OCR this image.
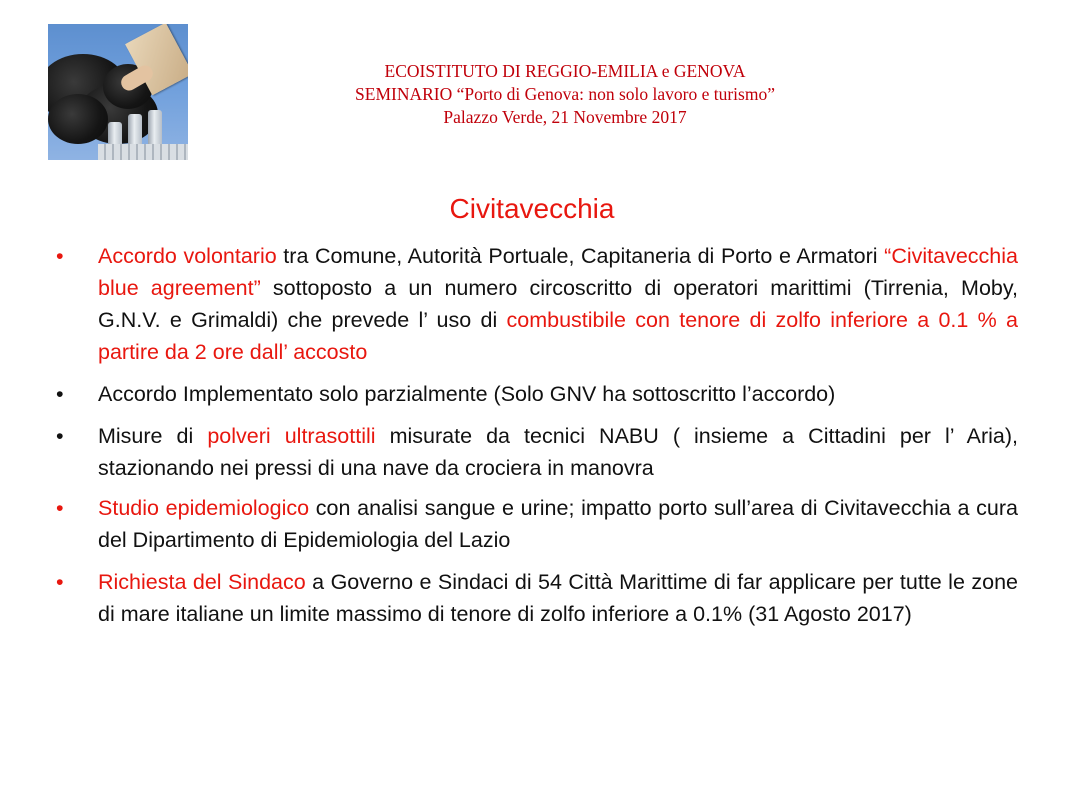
ECOISTITUTO DI REGGIO-EMILIA e GENOVA
SEMINARIO “Porto di Genova: non solo lavoro e turismo”
Palazzo Verde, 21 Novembre 2017
Civitavecchia
•	Accordo volontario tra Comune, Autorità Portuale, Capitaneria di Porto e Armatori “Civitavecchia blue agreement” sottoposto a un numero circoscritto di operatori marittimi (Tirrenia, Moby, G.N.V. e Grimaldi) che prevede l’ uso di combustibile con tenore di zolfo inferiore a 0.1 % a partire da 2 ore dall’ accosto
•	Accordo Implementato solo parzialmente (Solo GNV ha sottoscritto l’accordo)
•	Misure di polveri ultrasottili misurate da tecnici NABU ( insieme a Cittadini per l’ Aria), stazionando nei pressi di una nave da crociera in manovra
•	Studio epidemiologico con analisi sangue e urine; impatto porto sull’area di Civitavecchia a cura del Dipartimento di Epidemiologia del Lazio
•	Richiesta del Sindaco a Governo e Sindaci di 54 Città Marittime di far applicare per tutte le zone di mare italiane un limite massimo di tenore di zolfo inferiore a 0.1% (31 Agosto 2017)
